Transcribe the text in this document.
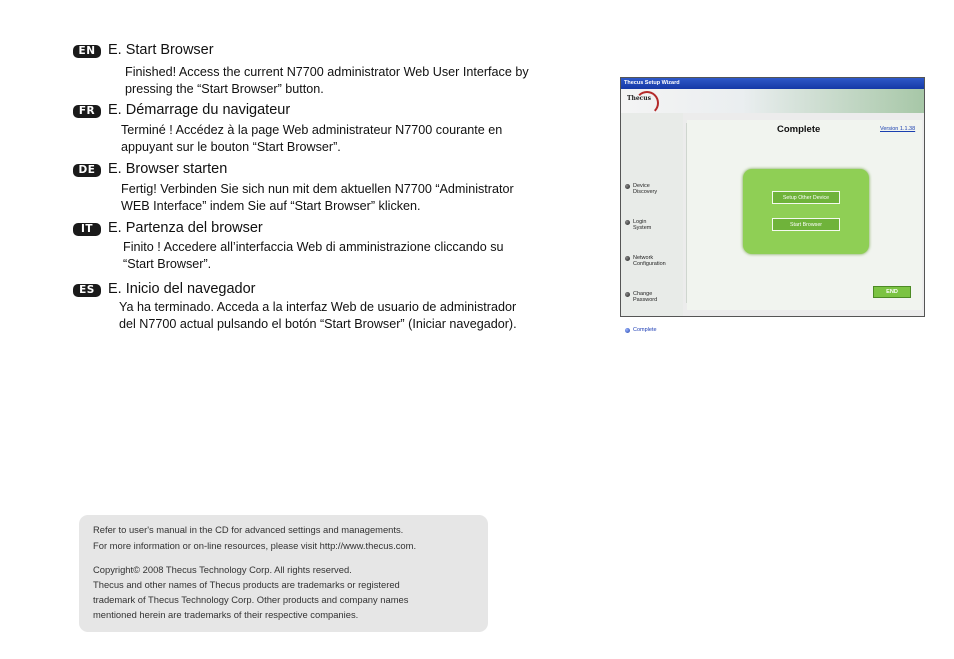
EN E. Start Browser
Finished! Access the current N7700 administrator Web User Interface by
pressing the “Start Browser” button.
FR E. Démarrage du navigateur
Terminé ! Accédez à la page Web administrateur N7700 courante en
appuyant sur le bouton “Start Browser”.
DE E. Browser starten
Fertig! Verbinden Sie sich nun mit dem aktuellen N7700 “Administrator
WEB Interface” indem Sie auf “Start Browser” klicken.
IT	E. Partenza del browser
Finito ! Accedere all’interfaccia Web di amministrazione cliccando su
“Start Browser”.
ES E. Inicio del navegador
Ya ha terminado. Acceda a la interfaz Web de usuario de administrador
del N7700 actual pulsando el botón “Start Browser” (Iniciar navegador).
Thecus Setup Wizard
Thecus
Device
Discovery
Login
System
Network
Configuration
Change
Password
Complete
Complete	Version 1.1.38
Setup Other Device
Start Browser
END
Refer to user's manual in the CD for advanced settings and managements.
For more information or on-line resources, please visit http://www.thecus.com.
Copyright© 2008 Thecus Technology Corp. All rights reserved.
Thecus and other names of Thecus products are trademarks or registered
trademark of Thecus Technology Corp. Other products and company names
mentioned herein are trademarks of their respective companies.
